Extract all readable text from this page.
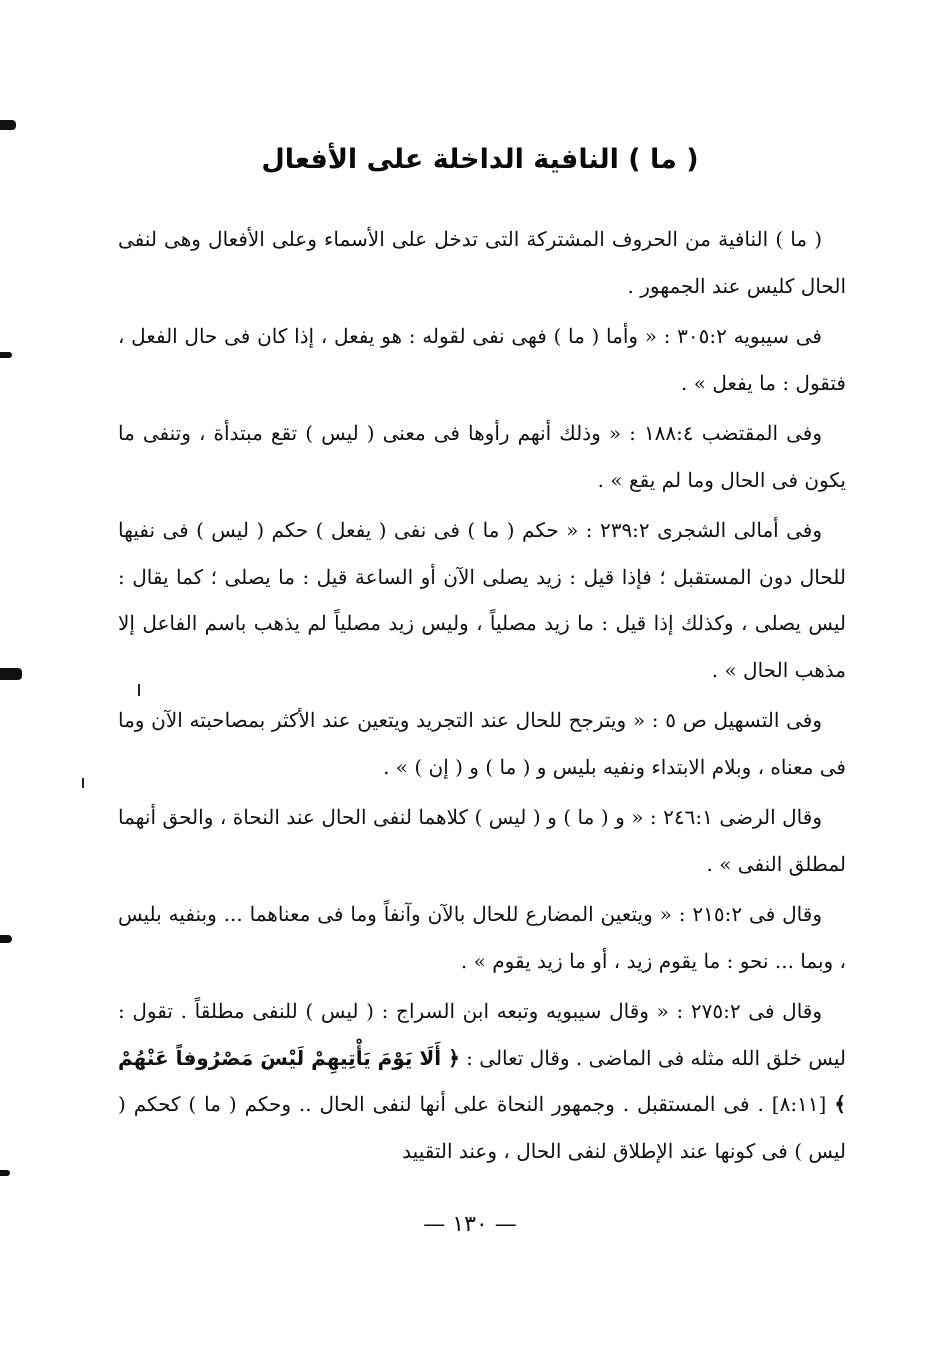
( ما ) النافية الداخلة على الأفعال

( ما ) النافية من الحروف المشتركة التى تدخل على الأسماء وعلى الأفعال وهى لنفى الحال كليس عند الجمهور .

فى سيبويه ٣٠٥:٢ : « وأما ( ما ) فهى نفى لقوله : هو يفعل ، إذا كان فى حال الفعل ، فتقول : ما يفعل » .

وفى المقتضب ١٨٨:٤ : « وذلك أنهم رأوها فى معنى ( ليس ) تقع مبتدأة ، وتنفى ما يكون فى الحال وما لم يقع » .

وفى أمالى الشجرى ٢٣٩:٢ : « حكم ( ما ) فى نفى ( يفعل ) حكم ( ليس ) فى نفيها للحال دون المستقبل ؛ فإذا قيل : زيد يصلى الآن أو الساعة قيل : ما يصلى ؛ كما يقال : ليس يصلى ، وكذلك إذا قيل : ما زيد مصلياً ، وليس زيد مصلياً لم يذهب باسم الفاعل إلا مذهب الحال » .

وفى التسهيل ص ٥ : « ويترجح للحال عند التجريد ويتعين عند الأكثر بمصاحبته الآن وما فى معناه ، وبلام الابتداء ونفيه بليس و ( ما ) و ( إن ) » .

وقال الرضى ٢٤٦:١ : « و ( ما ) و ( ليس ) كلاهما لنفى الحال عند النحاة ، والحق أنهما لمطلق النفى » .

وقال فى ٢١٥:٢ : « ويتعين المضارع للحال بالآن وآنفاً وما فى معناهما ... وبنفيه بليس ، وبما ... نحو : ما يقوم زيد ، أو ما زيد يقوم » .

وقال فى ٢٧٥:٢ : « وقال سيبويه وتبعه ابن السراج : ( ليس ) للنفى مطلقاً . تقول : ليس خلق الله مثله فى الماضى . وقال تعالى : ﴿ أَلَا يَوْمَ يَأْتِيهِمْ لَيْسَ مَصْرُوفاً عَنْهُمْ ﴾ [٨:١١] . فى المستقبل . وجمهور النحاة على أنها لنفى الحال .. وحكم ( ما ) كحكم ( ليس ) فى كونها عند الإطلاق لنفى الحال ، وعند التقييد

— ١٣٠ —
